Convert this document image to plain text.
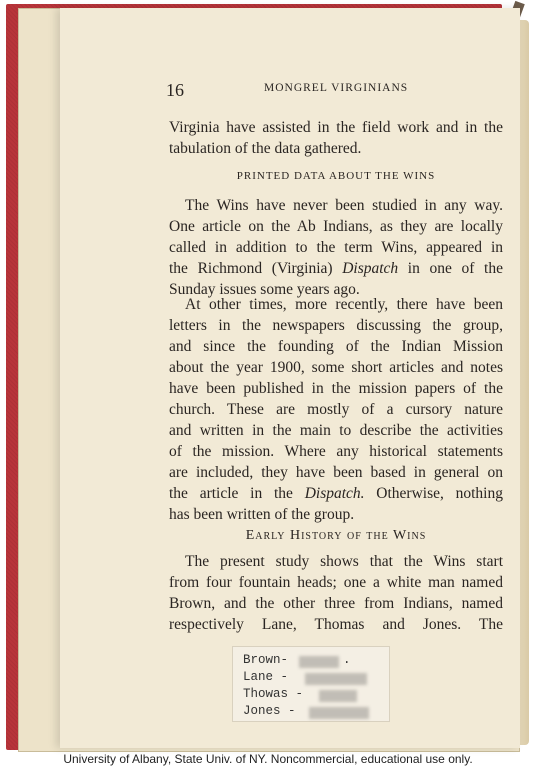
16	MONGREL VIRGINIANS
Virginia have assisted in the field work and in the
tabulation of the data gathered.
PRINTED DATA ABOUT THE WINS
The Wins have never been studied in any way.
One article on the Ab Indians, as they are locally
called in addition to the term Wins, appeared in
the Richmond (Virginia) Dispatch in one of the
Sunday issues some years ago.
At other times, more recently, there have been
letters in the newspapers discussing the group,
and since the founding of the Indian Mission
about the year 1900, some short articles and notes
have been published in the mission papers of the
church. These are mostly of a cursory nature
and written in the main to describe the activities
of the mission. Where any historical statements
are included, they have been based in general on
the article in the Dispatch. Otherwise, nothing
has been written of the group.
Early History of the Wins
The present study shows that the Wins start
from four fountain heads; one a white man named
Brown, and the other three from Indians, named
respectively Lane, Thomas and Jones. The
Brown-	.
Lane -
Thowas -
Jones -
University of Albany, State Univ. of NY. Noncommercial, educational use only.
